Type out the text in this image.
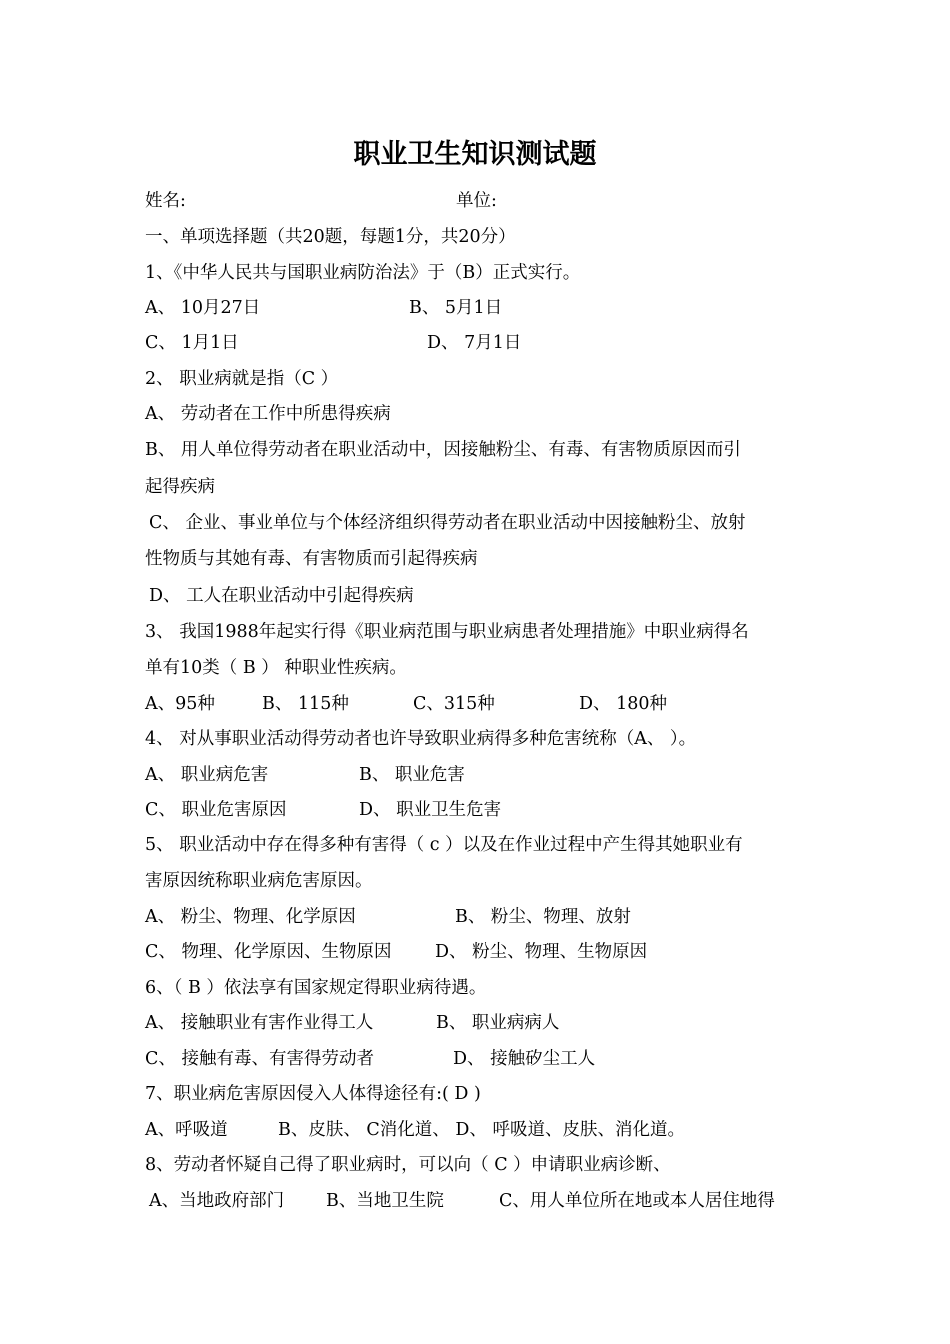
职业卫生知识测试题
姓名:	单位:
一、单项选择题（共20题，每题1分，共20分）
1、《中华人民共与国职业病防治法》于（B）正式实行。
A、 10月27日	B、 5月1日
C、 1月1日	D、 7月1日
2、 职业病就是指（C ）
A、 劳动者在工作中所患得疾病
B、 用人单位得劳动者在职业活动中，因接触粉尘、有毒、有害物质原因而引
起得疾病
C、 企业、事业单位与个体经济组织得劳动者在职业活动中因接触粉尘、放射
性物质与其她有毒、有害物质而引起得疾病
D、 工人在职业活动中引起得疾病
3、 我国1988年起实行得《职业病范围与职业病患者处理措施》中职业病得名
单有10类（ B ） 种职业性疾病。
A、95种	B、 115种	C、315种	D、 180种
4、 对从事职业活动得劳动者也许导致职业病得多种危害统称（A、 ）。
A、 职业病危害	B、 职业危害
C、 职业危害原因	D、 职业卫生危害
5、 职业活动中存在得多种有害得（ c ）以及在作业过程中产生得其她职业有
害原因统称职业病危害原因。
A、 粉尘、物理、化学原因	B、 粉尘、物理、放射
C、 物理、化学原因、生物原因 D、 粉尘、物理、生物原因
6、（ B ）依法享有国家规定得职业病待遇。
A、 接触职业有害作业得工人	B、 职业病病人
C、 接触有毒、有害得劳动者	D、 接触矽尘工人
7、职业病危害原因侵入人体得途径有:( D )
A、呼吸道	B、皮肤、 C消化道、 D、 呼吸道、皮肤、消化道。
8、劳动者怀疑自己得了职业病时，可以向（ C ）申请职业病诊断、
A、当地政府部门 B、当地卫生院	C、用人单位所在地或本人居住地得
